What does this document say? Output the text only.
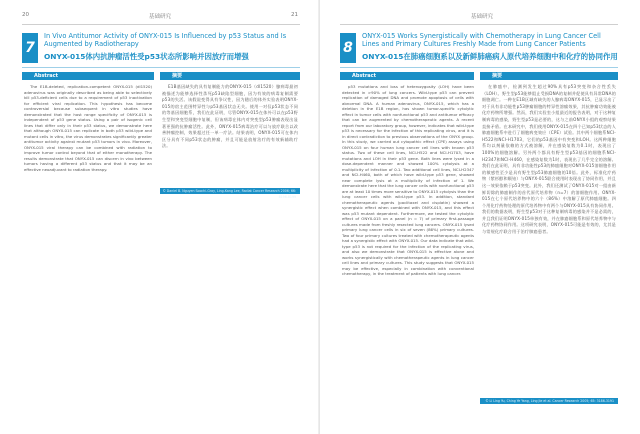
20	基础研究
7
In Vivo Antitumor Activity of ONYX-015 Is Influenced by p53 Status and Is Augmented by Radiotherapy
ONYX-015体内抗肿瘤活性受p53状态所影响并因放疗而增强
Abstract	摘要

The E1B-deleted, replication-competent ONYX-015 (dl1520) adenovirus was originally described as being able to selectively kill p53-deficient cells due to a requirement of p53 inactivation for efficient viral replication. This hypothesis has become controversial because subsequent in vitro studies have demonstrated that the host range specificity of ONYX-015 is independent of p53 gene status. Using a pair of isogenic cell lines that differ only in their p53 status, we demonstrate here that although ONYX-015 can replicate in both p53 wild-type and mutant cells in vitro, the virus demonstrates significantly greater antitumor activity against mutant p53 tumors in vivo. Moreover, ONYX-015 viral therapy can be combined with radiation to improve tumor control beyond that of either monotherapy. The results demonstrate that ONYX-015 can discern in vivo between tumors having a different p53 status and that it may be an effective neoadjuvant to radiation therapy.

E1B基因缺失的具有复制能力的ONYX-015（dl1520）腺病毒最初被描述为能够选择性杀死p53缺陷型细胞，因为有效的病毒复制需要p53的失活。该假说变得具有争议性，因为随后的体外实验表明ONYX-015的宿主范围特异性与p53基因状态无关。使用一对仅p53状态不同的等基因细胞系，我们在此证明，尽管ONYX-015在体外可以在p53野生型和突变型细胞中复制，但该病毒在体内对突变型p53肿瘤表现出显著更强的抗肿瘤活性。此外，ONYX-015病毒治疗可以与放疗联合以改善肿瘤控制，效果超过任一单一疗法。结果表明，ONYX-015可在体内区分具有不同p53状态的肿瘤，并且可能是放射治疗的有效新辅助疗法。

© Daniel B. Nguyen Soochi-Gray, Ling-Kang Lee, Radiat Cancer Research 2006; 66: 8196-8199
基础研究
21
8
ONYX-015 Works Synergistically with Chemotherapy in Lung Cancer Cell Lines and Primary Cultures Freshly Made from Lung Cancer Patients
ONYX-015在肺癌细胞系以及新鲜肺癌病人原代培养细胞中和化疗的协同作用
Abstract	摘要

p53 mutations and loss of heterozygosity (LOH) have been detected in >90% of lung cancers. Wild-type p53 can prevent replication of damaged DNA and promote apoptosis of cells with abnormal DNA. A human adenovirus, ONYX-015, which has a deletion in the E1B region, has shown tumor-specific cytolytic effect in tumor cells with nonfunctional p53 and antitumor efficacy that can be augmented by chemotherapeutic agents. A recent report from our laboratory group, however, indicates that wild-type p53 is necessary for the infection of this replicating virus, and it is in direct contradiction to previous observations of the ONYX group. In this study, we carried out cytopathic effect (CPE) assays using ONYX-015 on four human lung cancer cell lines with known p53 status. Two of these cell lines, NCI-H522 and NCI-H1703, have mutations and LOH in their p53 gene. Both lines were lysed in a dose-dependent manner and showed 100% cytolysis at a multiplicity of infection of 0.1. Two additional cell lines, NCI-H2347 and NCI-H460, both of which have wild-type p53 gene, showed near complete lysis at a multiplicity of infection of 1. We demonstrate here that the lung cancer cells with nonfunctional p53 are at least 10 times more sensitive to ONYX-015 cytolysis than the lung cancer cells with wild-type p53. In addition, standard chemotherapeutic agents (paclitaxel and cisplatin) showed a synergistic effect when combined with ONYX-015, and this effect was p53 mutant dependent. Furthermore, we tested the cytolytic effect of ONYX-015 on a panel (n = 7) of primary first-passage cultures made from freshly resected lung cancers. ONYX-015 lysed primary lung cancer cells in six of seven (86%) primary cultures. Two of four primary cultures treated with chemotherapeutic agents had a synergistic effect with ONYX-015. Our data indicate that wild-type p53 is not required for the infection of the replicating virus, and also we demonstrate that ONYX-015 is effective alone and works synergistically with chemotherapeutic agents in lung cancer cell lines and primary cultures. This study suggests that ONYX-015 may be effective, especially in combination with conventional chemotherapy, in the treatment of patients with lung cancer.

在肺癌中，检测到发生超过90%具有p53突变和杂合性丢失（LOH）。野生型p53能够阻止受损DNA的复制并促使具有异常DNA的细胞凋亡。一种在E1B区域有缺失的人腺病毒ONYX-015，已显示出了对于具有非功能性p53肿瘤细胞的特异性溶瘤效果，其抗肿瘤功效能被化疗药物所增强。然而，我们实验室小组最近的报告表明，对于这种复制病毒的感染，野生型p53是必要的，这与之前ONYX小组的观察结果直接矛盾。在本研究中，我们使用ONYX-015在四个已知p53状态的人肺癌细胞系中进行了细胞病变效应（CPE）试验。其中两个细胞系NCI-H522和NCI-H1703，它们的p53基因中有突变和LOH。这两种细胞系均以剂量依赖的方式被溶解，并在感染复数为0.1时，表现出了100%的细胞溶解。另外两个都具有野生型p53基因的细胞系NCI-H2347和NCI-H460，在感染复数为1时，表现出了几乎完全的溶解。我们在此证明，具有非功能性p53的肺癌细胞对ONYX-015溶细胞作用的敏感性至少是具有野生型p53肺癌细胞的10倍。此外，标准化疗药物（紫杉醇和顺铂）与ONYX-015联合使用时表现出了协同作用，并且这一效果依赖于p53突变。此外，我们还测试了ONYX-015对一组由新鲜切除的肺癌制作的首代原代培养物（n=7）的溶细胞作用。ONYX-015在七个原代培养物中的六个（86%）中溶解了原代肺癌细胞。四个用化疗药物处理的原代培养物中有两个与ONYX-015具有协同作用。我们的数据表明，野生型p53对于这种复制病毒的感染并不是必需的，并且我们证明ONYX-015单独有效，并在肺癌细胞系和原代培养物中与化疗药物协同作用。这项研究表明，ONYX-015可能是有效的，尤其是与常规化疗联合用于治疗肺癌患者。

© Li Ling Yu, Ching Ye Yang, Ling Jie et al. Cancer Research 2005; 65: 3186-3191
